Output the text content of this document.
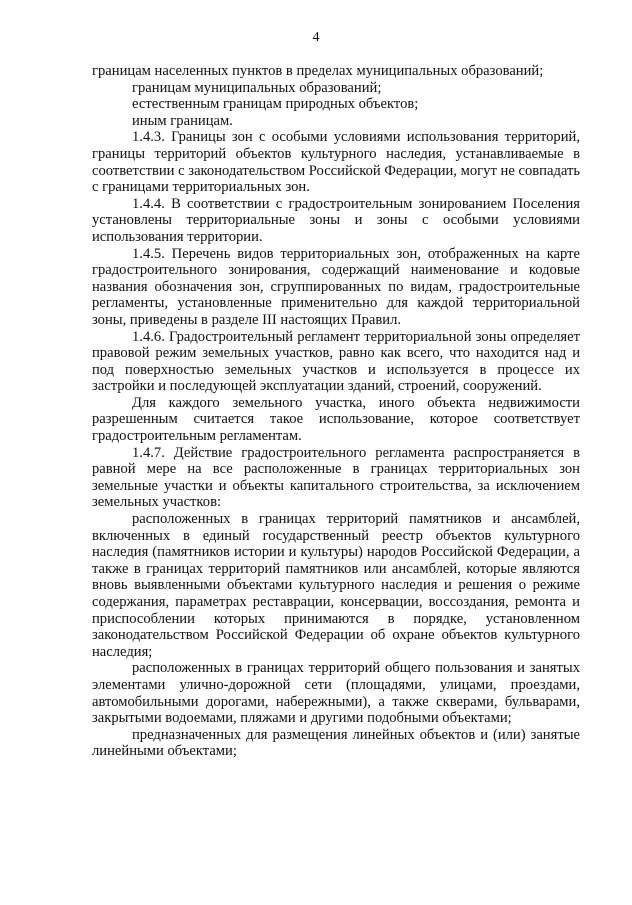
4

границам населенных пунктов в пределах муниципальных образований;

границам муниципальных образований;

естественным границам природных объектов;

иным границам.

1.4.3. Границы зон с особыми условиями использования территорий, границы территорий объектов культурного наследия, устанавливаемые в соответствии с законодательством Российской Федерации, могут не совпадать с границами территориальных зон.

1.4.4. В соответствии с градостроительным зонированием Поселения установлены территориальные зоны и зоны с особыми условиями использования территории.

1.4.5. Перечень видов территориальных зон, отображенных на карте градостроительного зонирования, содержащий наименование и кодовые названия обозначения зон, сгруппированных по видам, градостроительные регламенты, установленные применительно для каждой территориальной зоны, приведены в разделе III настоящих Правил.

1.4.6. Градостроительный регламент территориальной зоны определяет правовой режим земельных участков, равно как всего, что находится над и под поверхностью земельных участков и используется в процессе их застройки и последующей эксплуатации зданий, строений, сооружений.

Для каждого земельного участка, иного объекта недвижимости разрешенным считается такое использование, которое соответствует градостроительным регламентам.

1.4.7. Действие градостроительного регламента распространяется в равной мере на все расположенные в границах территориальных зон земельные участки и объекты капитального строительства, за исключением земельных участков:

расположенных в границах территорий памятников и ансамблей, включенных в единый государственный реестр объектов культурного наследия (памятников истории и культуры) народов Российской Федерации, а также в границах территорий памятников или ансамблей, которые являются вновь выявленными объектами культурного наследия и решения о режиме содержания, параметрах реставрации, консервации, воссоздания, ремонта и приспособлении которых принимаются в порядке, установленном законодательством Российской Федерации об охране объектов культурного наследия;

расположенных в границах территорий общего пользования и занятых элементами улично-дорожной сети (площадями, улицами, проездами, автомобильными дорогами, набережными), а также скверами, бульварами, закрытыми водоемами, пляжами и другими подобными объектами;

предназначенных для размещения линейных объектов и (или) занятые линейными объектами;
